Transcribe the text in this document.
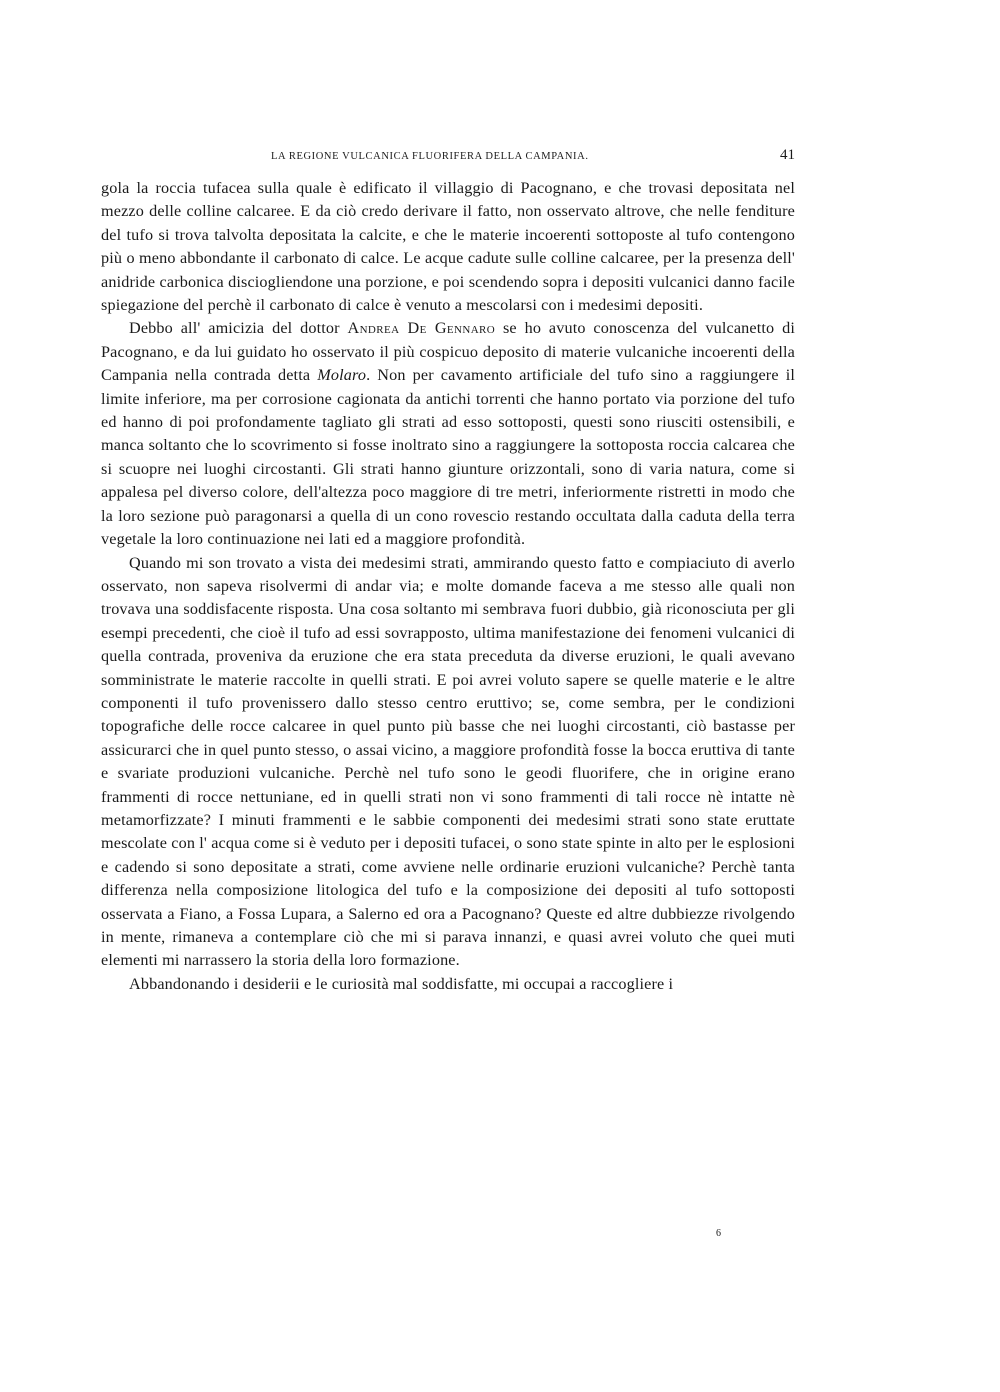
LA REGIONE VULCANICA FLUORIFERA DELLA CAMPANIA.	41

gola la roccia tufacea sulla quale è edificato il villaggio di Pacognano, e che trovasi depositata nel mezzo delle colline calcaree. E da ciò credo derivare il fatto, non osservato altrove, che nelle fenditure del tufo si trova talvolta depositata la calcite, e che le materie incoerenti sottoposte al tufo contengono più o meno abbondante il carbonato di calce. Le acque cadute sulle colline calcaree, per la presenza dell' anidride carbonica disciogliendone una porzione, e poi scendendo sopra i depositi vulcanici danno facile spiegazione del perchè il carbonato di calce è venuto a mescolarsi con i medesimi depositi.

Debbo all' amicizia del dottor Andrea De Gennaro se ho avuto conoscenza del vulcanetto di Pacognano, e da lui guidato ho osservato il più cospicuo deposito di materie vulcaniche incoerenti della Campania nella contrada detta Molaro. Non per cavamento artificiale del tufo sino a raggiungere il limite inferiore, ma per corrosione cagionata da antichi torrenti che hanno portato via porzione del tufo ed hanno di poi profondamente tagliato gli strati ad esso sottoposti, questi sono riusciti ostensibili, e manca soltanto che lo scovrimento si fosse inoltrato sino a raggiungere la sottoposta roccia calcarea che si scuopre nei luoghi circostanti. Gli strati hanno giunture orizzontali, sono di varia natura, come si appalesa pel diverso colore, dell'altezza poco maggiore di tre metri, inferiormente ristretti in modo che la loro sezione può paragonarsi a quella di un cono rovescio restando occultata dalla caduta della terra vegetale la loro continuazione nei lati ed a maggiore profondità.

Quando mi son trovato a vista dei medesimi strati, ammirando questo fatto e compiaciuto di averlo osservato, non sapeva risolvermi di andar via; e molte domande faceva a me stesso alle quali non trovava una soddisfacente risposta. Una cosa soltanto mi sembrava fuori dubbio, già riconosciuta per gli esempi precedenti, che cioè il tufo ad essi sovrapposto, ultima manifestazione dei fenomeni vulcanici di quella contrada, proveniva da eruzione che era stata preceduta da diverse eruzioni, le quali avevano somministrate le materie raccolte in quelli strati. E poi avrei voluto sapere se quelle materie e le altre componenti il tufo provenissero dallo stesso centro eruttivo; se, come sembra, per le condizioni topografiche delle rocce calcaree in quel punto più basse che nei luoghi circostanti, ciò bastasse per assicurarci che in quel punto stesso, o assai vicino, a maggiore profondità fosse la bocca eruttiva di tante e svariate produzioni vulcaniche. Perchè nel tufo sono le geodi fluorifere, che in origine erano frammenti di rocce nettuniane, ed in quelli strati non vi sono frammenti di tali rocce nè intatte nè metamorfizzate? I minuti frammenti e le sabbie componenti dei medesimi strati sono state eruttate mescolate con l' acqua come si è veduto per i depositi tufacei, o sono state spinte in alto per le esplosioni e cadendo si sono depositate a strati, come avviene nelle ordinarie eruzioni vulcaniche? Perchè tanta differenza nella composizione litologica del tufo e la composizione dei depositi al tufo sottoposti osservata a Fiano, a Fossa Lupara, a Salerno ed ora a Pacognano? Queste ed altre dubbiezze rivolgendo in mente, rimaneva a contemplare ciò che mi si parava innanzi, e quasi avrei voluto che quei muti elementi mi narrassero la storia della loro formazione.

Abbandonando i desiderii e le curiosità mal soddisfatte, mi occupai a raccogliere i

6
